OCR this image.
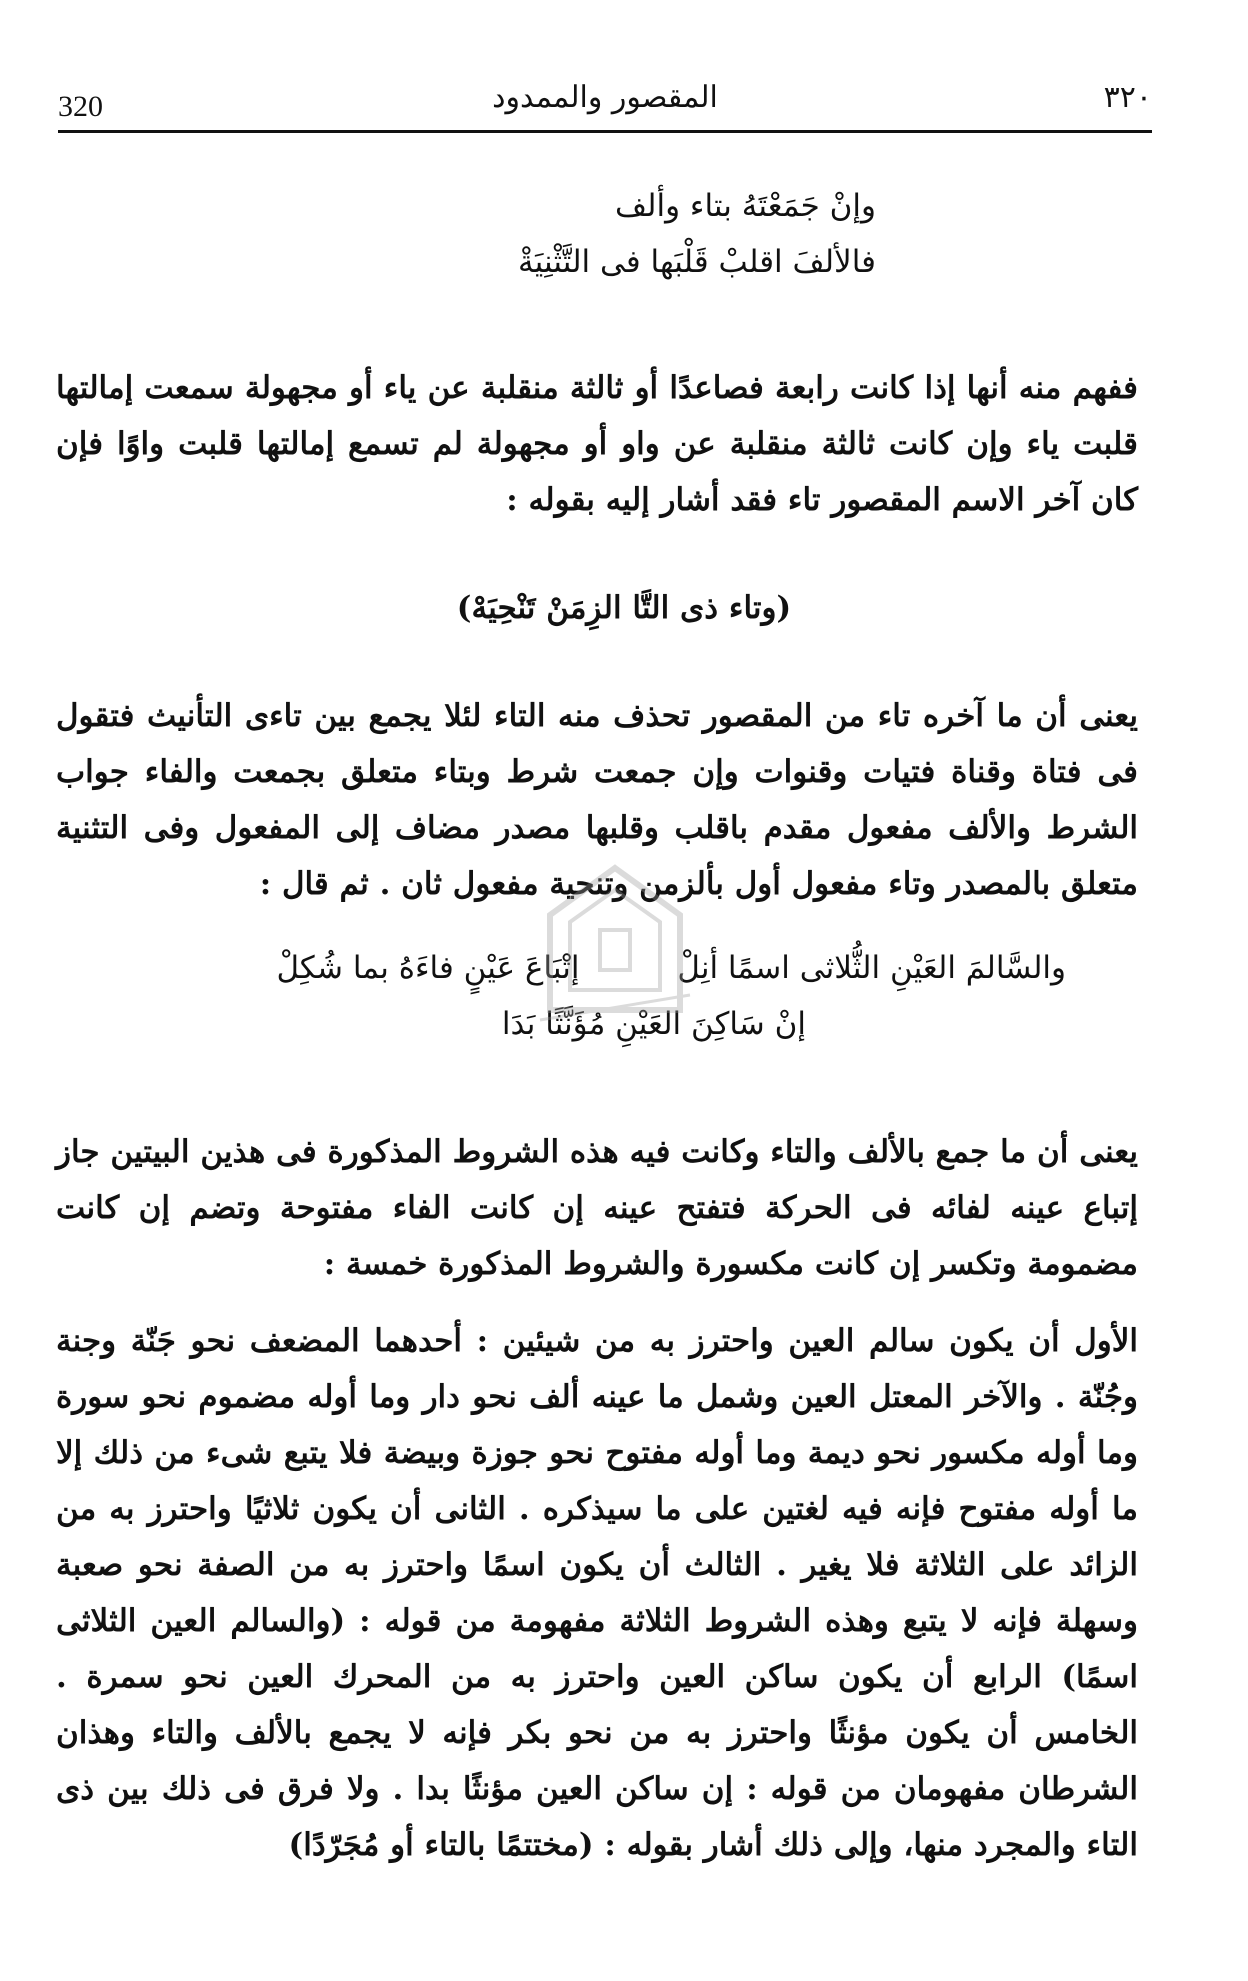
320	المقصور والممدود	٣٢٠
وإنْ جَمَعْتَهُ بتاء وألف
فالألفَ اقلبْ قَلْبَها فى التَّثْنِيَةْ
ففهم منه أنها إذا كانت رابعة فصاعدًا أو ثالثة منقلبة عن ياء أو مجهولة سمعت إمالتها قلبت ياء وإن كانت ثالثة منقلبة عن واو أو مجهولة لم تسمع إمالتها قلبت واوًا فإن كان آخر الاسم المقصور تاء فقد أشار إليه بقوله :
(وتاء ذى التَّا الزِمَنْ تَنْحِيَهْ)
يعنى أن ما آخره تاء من المقصور تحذف منه التاء لئلا يجمع بين تاءى التأنيث فتقول فى فتاة وقناة فتيات وقنوات وإن جمعت شرط وبتاء متعلق بجمعت والفاء جواب الشرط والألف مفعول مقدم باقلب وقلبها مصدر مضاف إلى المفعول وفى التثنية متعلق بالمصدر وتاء مفعول أول بألزمن وتنحية مفعول ثان . ثم قال :
والسَّالمَ العَيْنِ الثُّلاثى اسمًا أنِلْ إتْبَاعَ عَيْنٍ فاءَهُ بما شُكِلْ
إنْ سَاكِنَ العَيْنِ مُؤَنَّثًا بَدَا
يعنى أن ما جمع بالألف والتاء وكانت فيه هذه الشروط المذكورة فى هذين البيتين جاز إتباع عينه لفائه فى الحركة فتفتح عينه إن كانت الفاء مفتوحة وتضم إن كانت مضمومة وتكسر إن كانت مكسورة والشروط المذكورة خمسة :
الأول أن يكون سالم العين واحترز به من شيئين : أحدهما المضعف نحو جَنّة وجنة وجُنّة . والآخر المعتل العين وشمل ما عينه ألف نحو دار وما أوله مضموم نحو سورة وما أوله مكسور نحو ديمة وما أوله مفتوح نحو جوزة وبيضة فلا يتبع شىء من ذلك إلا ما أوله مفتوح فإنه فيه لغتين على ما سيذكره . الثانى أن يكون ثلاثيًا واحترز به من الزائد على الثلاثة فلا يغير . الثالث أن يكون اسمًا واحترز به من الصفة نحو صعبة وسهلة فإنه لا يتبع وهذه الشروط الثلاثة مفهومة من قوله : (والسالم العين الثلاثى اسمًا) الرابع أن يكون ساكن العين واحترز به من المحرك العين نحو سمرة . الخامس أن يكون مؤنثًا واحترز به من نحو بكر فإنه لا يجمع بالألف والتاء وهذان الشرطان مفهومان من قوله : إن ساكن العين مؤنثًا بدا . ولا فرق فى ذلك بين ذى التاء والمجرد منها، وإلى ذلك أشار بقوله : (مختتمًا بالتاء أو مُجَرّدًا)
